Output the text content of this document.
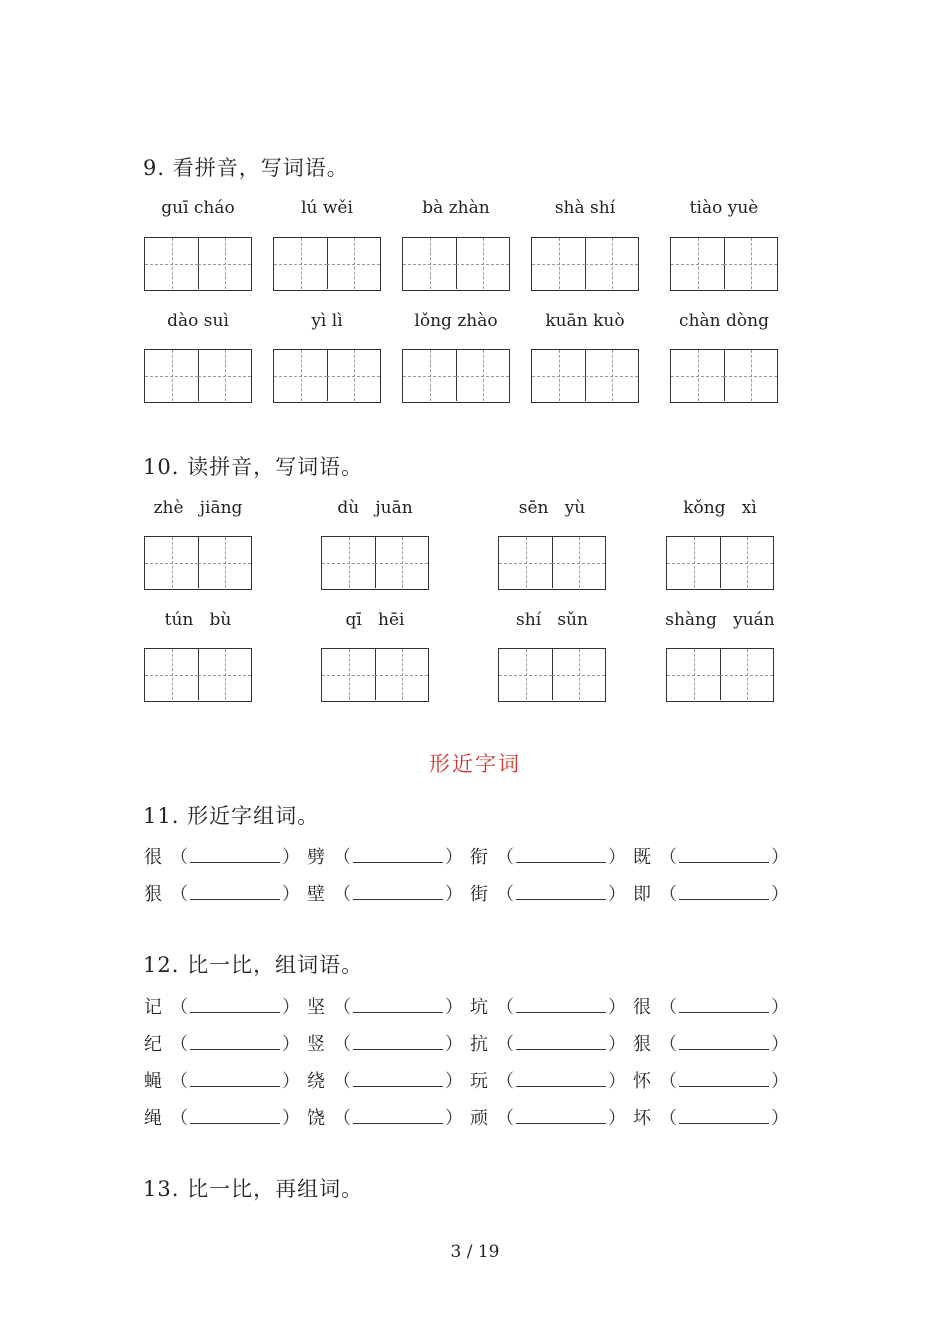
9. 看拼音，写词语。
guī cháo	lú wěi	bà zhàn	shà shí	tiào yuè
dào suì	yì lì	lǒng zhào	kuān kuò	chàn dòng
10. 读拼音，写词语。
zhè   jiāng	dù   juān	sēn   yù	kǒng   xì
tún   bù	qī   hēi	shí   sǔn	shàng   yuán
形近字词
11. 形近字组词。
很 （	） 劈 （	） 衔 （	） 既 （	）
狠 （	） 壁 （	） 街 （	） 即 （	）
12. 比一比，组词语。
记 （	） 坚 （	） 坑 （	） 很 （	）
纪 （	） 竖 （	） 抗 （	） 狠 （	）
蝇 （	） 绕 （	） 玩 （	） 怀 （	）
绳 （	） 饶 （	） 顽 （	） 坏 （	）
13. 比一比，再组词。
3 / 19
